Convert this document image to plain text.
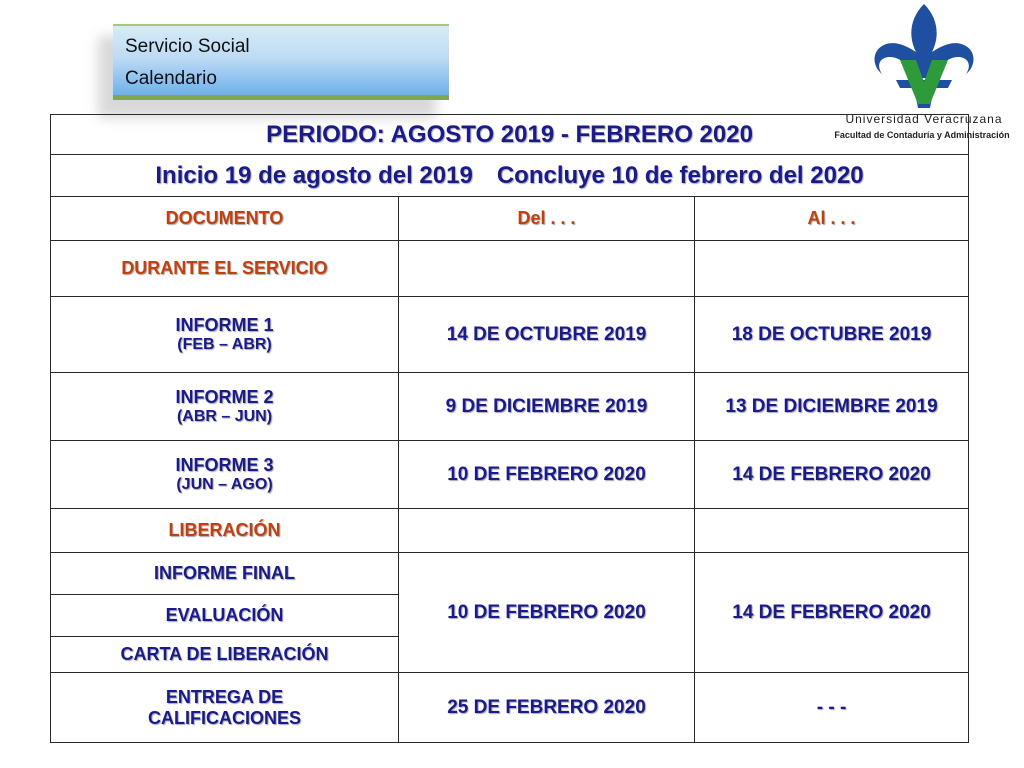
Servicio Social
Calendario
Universidad Veracruzana
Facultad de Contaduría y Administración
PERIODO: AGOSTO 2019 - FEBRERO 2020		
Inicio 19 de agosto del 2019 Concluye 10 de febrero del 2020		
DOCUMENTO	Del . . .	Al . . .
DURANTE EL SERVICIO		
INFORME 1
(FEB – ABR)	14 DE OCTUBRE 2019	18 DE OCTUBRE 2019
INFORME 2
(ABR – JUN)	9 DE DICIEMBRE 2019	13 DE DICIEMBRE 2019
INFORME 3
(JUN – AGO)	10 DE FEBRERO 2020	14 DE FEBRERO 2020
LIBERACIÓN		
INFORME FINAL	10 DE FEBRERO 2020	14 DE FEBRERO 2020
EVALUACIÓN		
CARTA DE LIBERACIÓN		

ENTREGA DE
CALIFICACIONES	25 DE FEBRERO 2020	- - -
